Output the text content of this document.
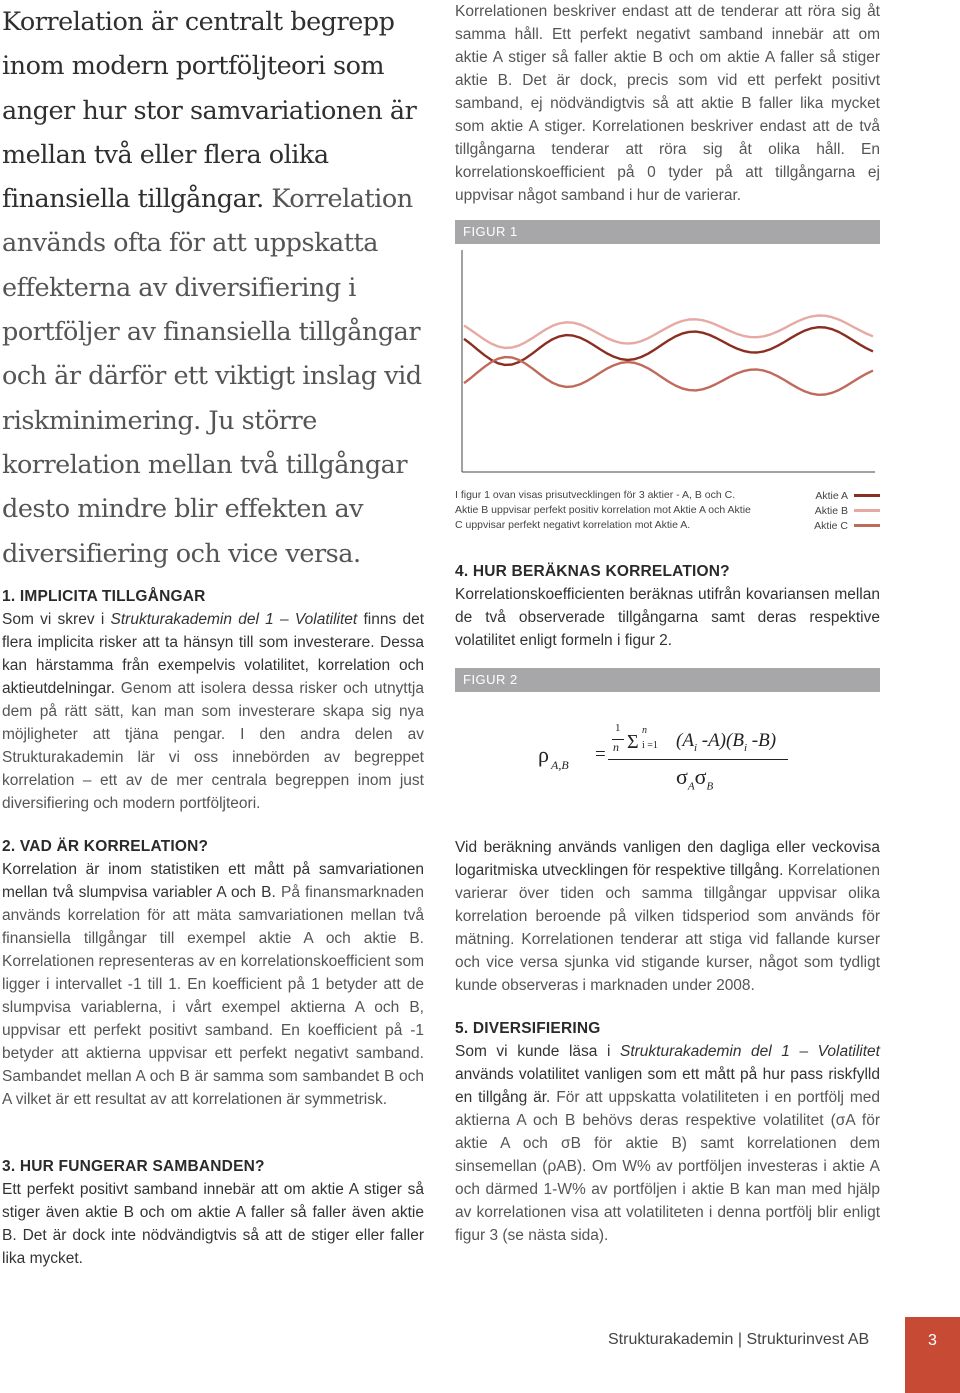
Korrelation är centralt begrepp inom modern portföljteori som anger hur stor samvariationen är mellan två eller flera olika finansiella tillgångar. Korrelation används ofta för att uppskatta effekterna av diversifiering i portföljer av finansiella tillgångar och är därför ett viktigt inslag vid riskminimering. Ju större korrelation mellan två tillgångar desto mindre blir effekten av diversifiering och vice versa.
1. IMPLICITA TILLGÅNGAR

Som vi skrev i Strukturakademin del 1 – Volatilitet finns det flera implicita risker att ta hänsyn till som investerare. Dessa kan härstamma från exempelvis volatilitet, korrelation och aktieutdelningar. Genom att isolera dessa risker och utnyttja dem på rätt sätt, kan man som investerare skapa sig nya möjligheter att tjäna pengar. I den andra delen av Strukturakademin lär vi oss innebörden av begreppet korrelation – ett av de mer centrala begreppen inom just diversifiering och modern portföljteori.

2. VAD ÄR KORRELATION?

Korrelation är inom statistiken ett mått på samvariationen mellan två slumpvisa variabler A och B. På finansmarknaden används korrelation för att mäta samvariationen mellan två finansiella tillgångar till exempel aktie A och aktie B. Korrelationen representeras av en korrelationskoefficient som ligger i intervallet -1 till 1. En koefficient på 1 betyder att de slumpvisa variablerna, i vårt exempel aktierna A och B, uppvisar ett perfekt positivt samband. En koefficient på -1 betyder att aktierna uppvisar ett perfekt negativt samband. Sambandet mellan A och B är samma som sambandet B och A vilket är ett resultat av att korrelationen är symmetrisk.

3. HUR FUNGERAR SAMBANDEN?

Ett perfekt positivt samband innebär att om aktie A stiger så stiger även aktie B och om aktie A faller så faller även aktie B. Det är dock inte nödvändigtvis så att de stiger eller faller lika mycket.

Korrelationen beskriver endast att de tenderar att röra sig åt samma håll. Ett perfekt negativt samband innebär att om aktie A stiger så faller aktie B och om aktie A faller så stiger aktie B. Det är dock, precis som vid ett perfekt positivt samband, ej nödvändigtvis så att aktie B faller lika mycket som aktie A stiger. Korrelationen beskriver endast att de två tillgångarna tenderar att röra sig åt olika håll. En korrelationskoefficient på 0 tyder på att tillgångarna ej uppvisar något samband i hur de varierar.

FIGUR 1
I figur 1 ovan visas prisutvecklingen för 3 aktier - A, B och C. Aktie B uppvisar perfekt positiv korrelation mot Aktie A och Aktie C uppvisar perfekt negativt korrelation mot Aktie A.
Aktie A
Aktie B
Aktie C
4. HUR BERÄKNAS KORRELATION?

Korrelationskoefficienten beräknas utifrån kovariansen mellan de två observerade tillgångarna samt deras respektive volatilitet enligt formeln i figur 2.

FIGUR 2
ρ A,B =
1
n Σ
n
i =1 ($A_i$ $-A)(B_i$ -B)
$\sigma_A\sigma_B$

Vid beräkning används vanligen den dagliga eller veckovisa logaritmiska utvecklingen för respektive tillgång. Korrelationen varierar över tiden och samma tillgångar uppvisar olika korrelation beroende på vilken tidsperiod som används för mätning. Korrelationen tenderar att stiga vid fallande kurser och vice versa sjunka vid stigande kurser, något som tydligt kunde observeras i marknaden under 2008.

5. DIVERSIFIERING

Som vi kunde läsa i Strukturakademin del 1 – Volatilitet används volatilitet vanligen som ett mått på hur pass riskfylld en tillgång är. För att uppskatta volatiliteten i en portfölj med aktierna A och B behövs deras respektive volatilitet (σA för aktie A och σB för aktie B) samt korrelationen dem sinsemellan (ρAB). Om W% av portföljen investeras i aktie A och därmed 1-W% av portföljen i aktie B kan man med hjälp av korrelationen visa att volatiliteten i denna portfölj blir enligt figur 3 (se nästa sida).

Strukturakademin | Strukturinvest AB	3
